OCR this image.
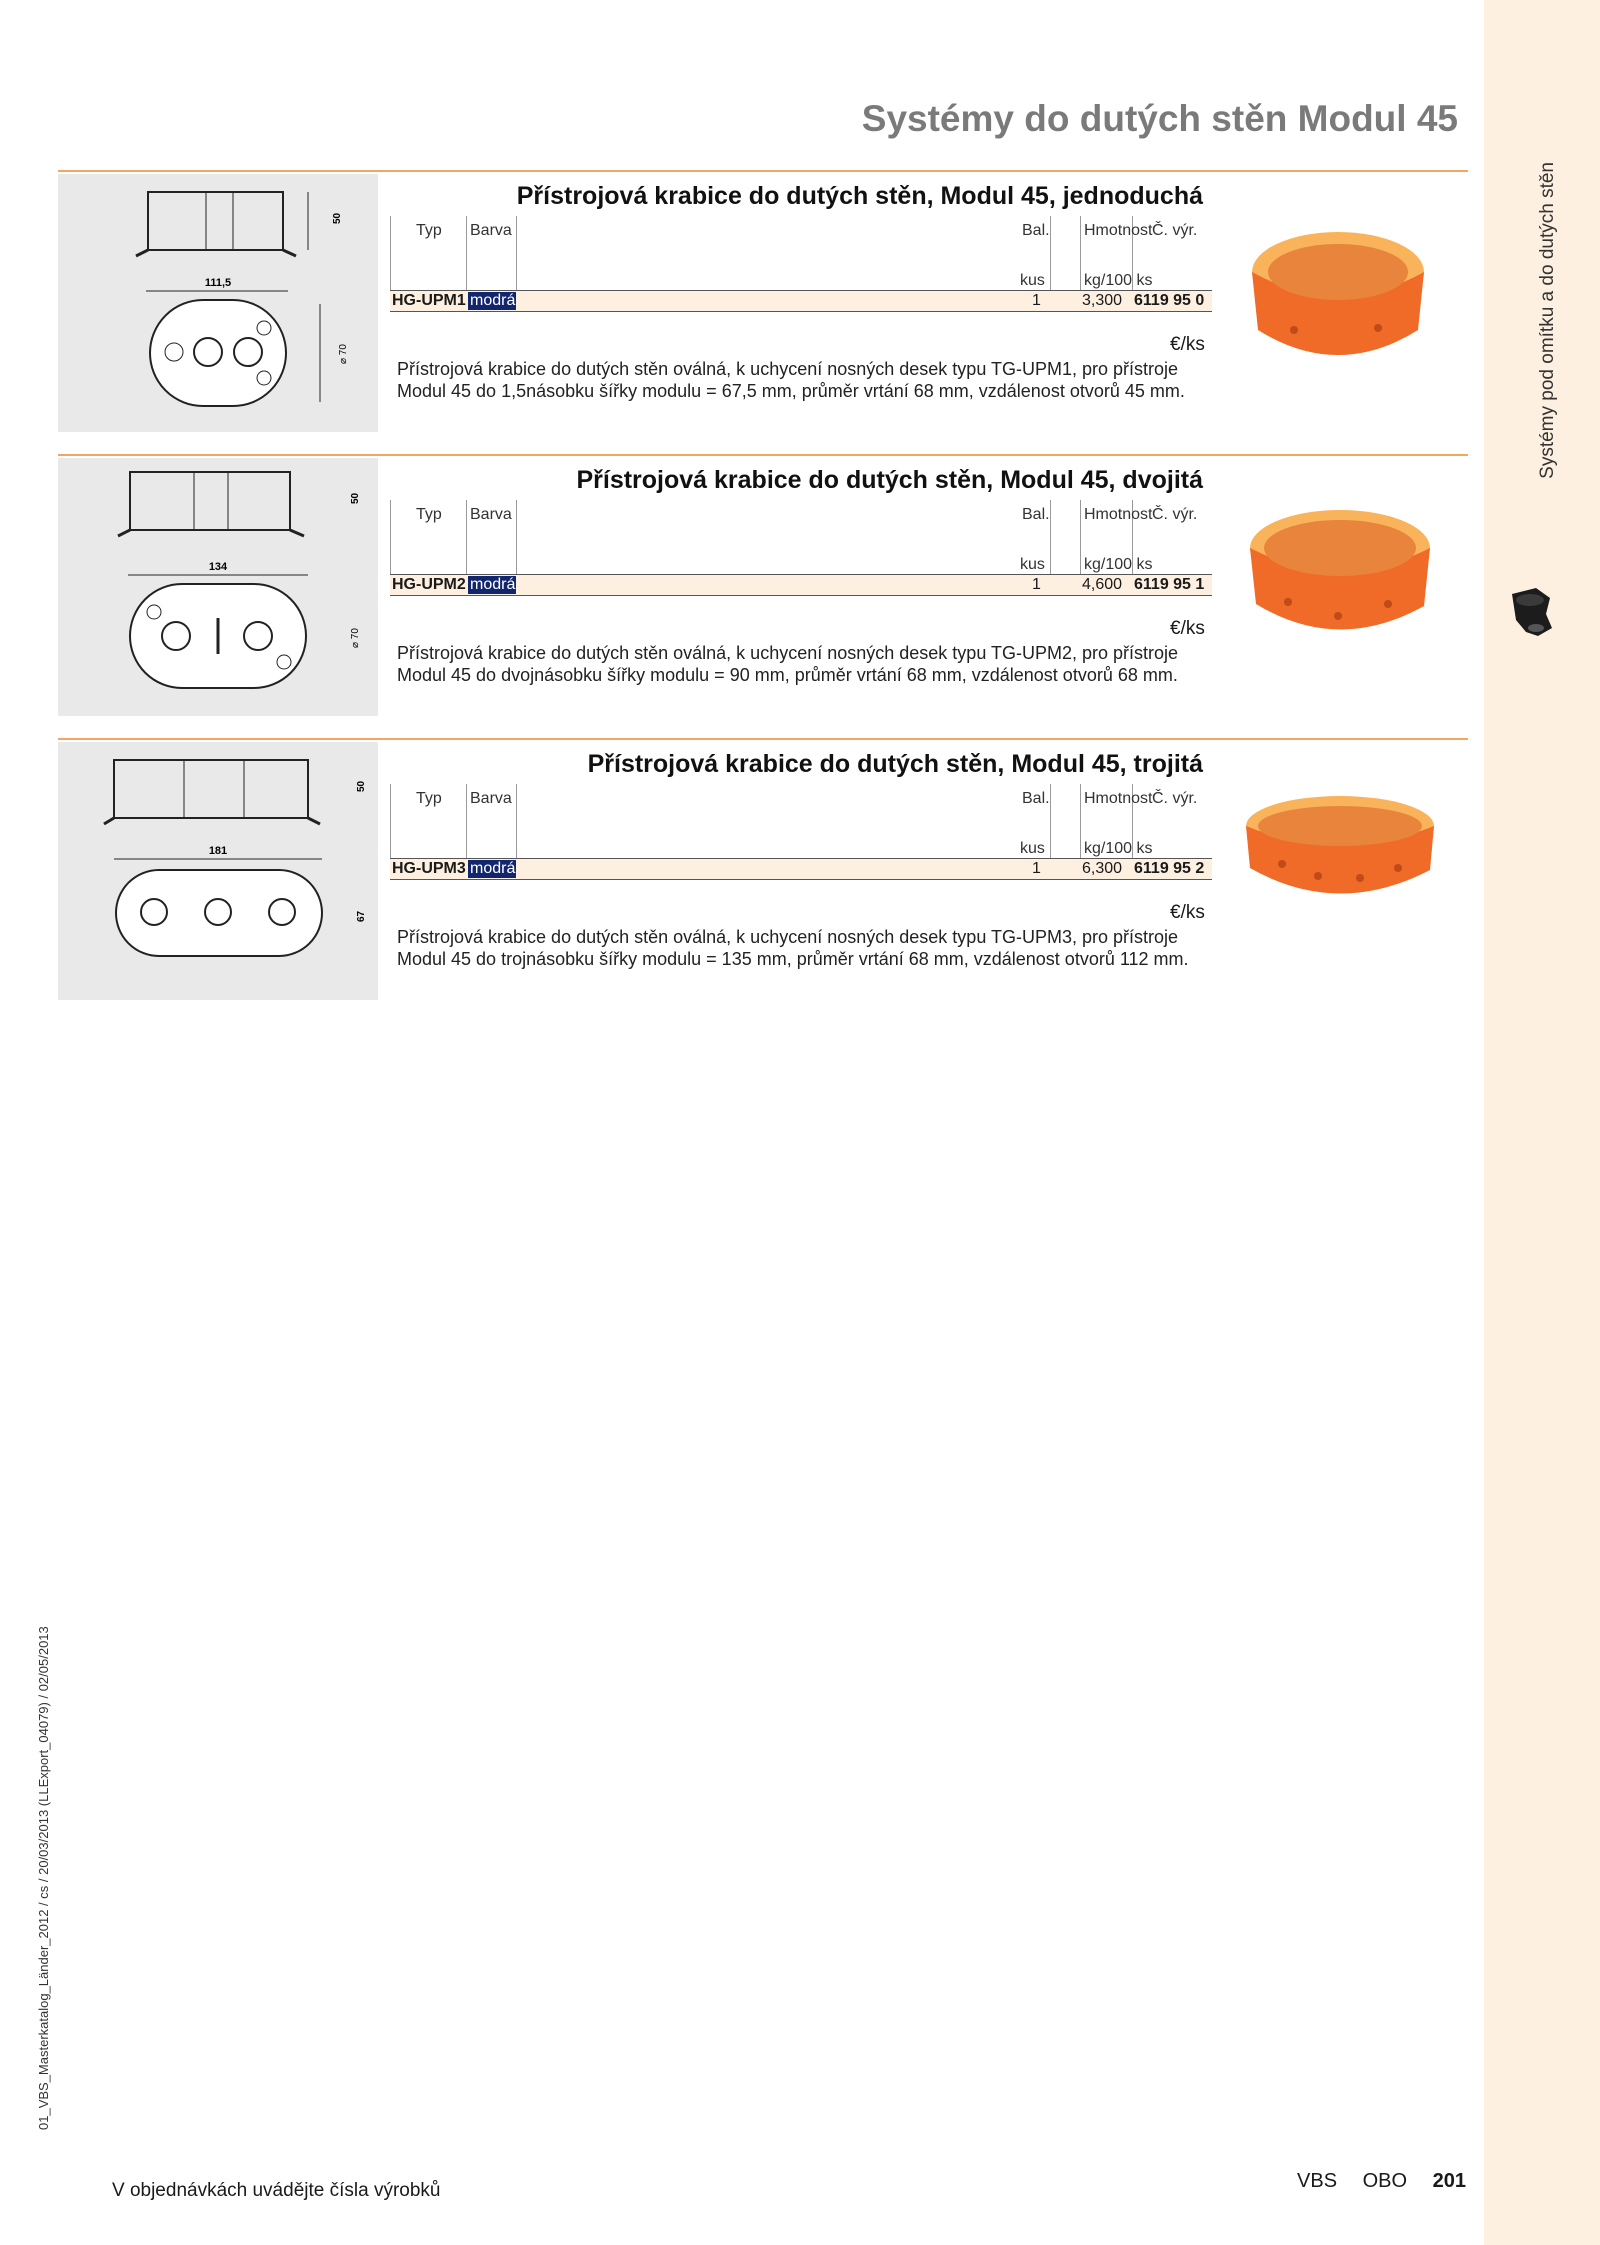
Systémy pod omítku a do dutých stěn
Systémy do dutých stěn Modul 45
50
111,5
⌀ 70
Přístrojová krabice do dutých stěn, Modul 45, jednoduchá
Typ Barva	Bal. Hmotnost Č. výr.
kus kg/100 ks
HG-UPM1 modrá	1	3,300 6119 95 0
€/ks
Přístrojová krabice do dutých stěn oválná, k uchycení nosných desek typu TG-UPM1, pro přístroje Modul 45 do 1,5násobku šířky modulu = 67,5 mm, průměr vrtání 68 mm, vzdálenost otvorů 45 mm.
50
134
⌀ 70
Přístrojová krabice do dutých stěn, Modul 45, dvojitá
Typ Barva	Bal. Hmotnost Č. výr.
kus kg/100 ks
HG-UPM2 modrá	1	4,600 6119 95 1
€/ks
Přístrojová krabice do dutých stěn oválná, k uchycení nosných desek typu TG-UPM2, pro přístroje Modul 45 do dvojnásobku šířky modulu = 90 mm, průměr vrtání 68 mm, vzdálenost otvorů 68 mm.
50
181
67
Přístrojová krabice do dutých stěn, Modul 45, trojitá
Typ Barva	Bal. Hmotnost Č. výr.
kus kg/100 ks
HG-UPM3 modrá	1	6,300 6119 95 2
€/ks
Přístrojová krabice do dutých stěn oválná, k uchycení nosných desek typu TG-UPM3, pro přístroje Modul 45 do trojnásobku šířky modulu = 135 mm, průměr vrtání 68 mm, vzdálenost otvorů 112 mm.
01_VBS_Masterkatalog_Länder_2012 / cs / 20/03/2013 (LLExport_04079) / 02/05/2013
V objednávkách uvádějte čísla výrobků	VBS OBO 201
